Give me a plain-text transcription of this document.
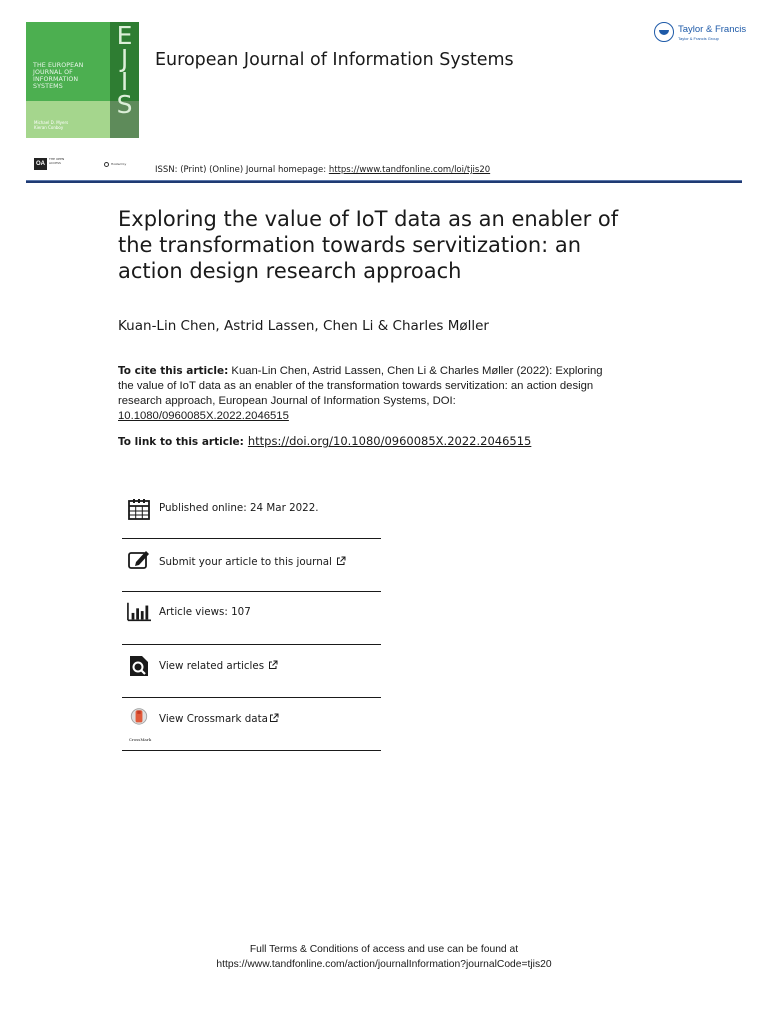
THE EUROPEAN
JOURNAL OF
INFORMATION
SYSTEMS
E
J
I
S
Michael D. Myers
Kieran Conboy
European Journal of Information Systems
Taylor & Francis
Taylor & Francis Group
OA
THE OPEN ACCESS	Hosted by
ISSN: (Print) (Online) Journal homepage: https://www.tandfonline.com/loi/tjis20
Exploring the value of IoT data as an enabler of the transformation towards servitization: an action design research approach
Kuan-Lin Chen, Astrid Lassen, Chen Li & Charles Møller
To cite this article: Kuan-Lin Chen, Astrid Lassen, Chen Li & Charles Møller (2022): Exploring the value of IoT data as an enabler of the transformation towards servitization: an action design research approach, European Journal of Information Systems, DOI: 10.1080/0960085X.2022.2046515
To link to this article: https://doi.org/10.1080/0960085X.2022.2046515
Published online: 24 Mar 2022.
Submit your article to this journal
Article views: 107
View related articles
CrossMark
View Crossmark data
Full Terms & Conditions of access and use can be found at
https://www.tandfonline.com/action/journalInformation?journalCode=tjis20
